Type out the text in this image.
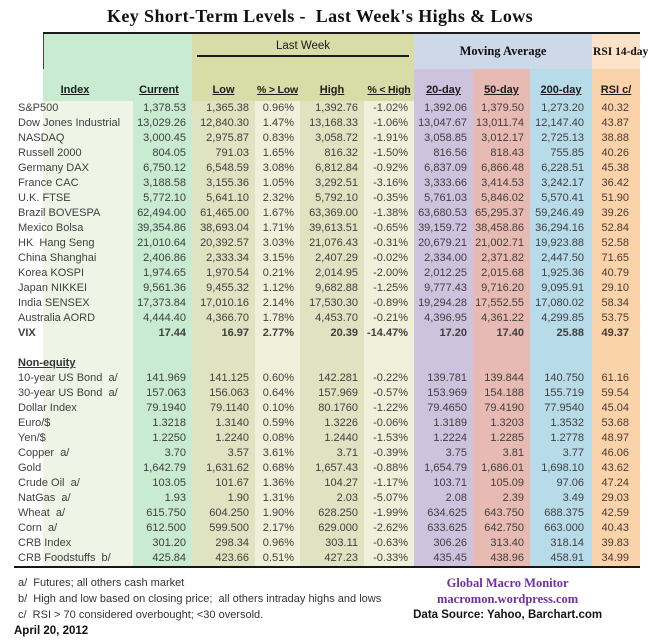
Key Short-Term Levels -  Last Week's Highs & Lows

			Last Week				Moving Average			RSI 14-day
Index		Current	Low	% > Low	High	% < High	20-day	50-day	200-day	RSI c/
S&P500		1,378.53	1,365.38	0.96%	1,392.76	-1.02%	1,392.06	1,379.50	1,273.20	40.32
Dow Jones Industrial		13,029.26	12,840.30	1.47%	13,168.33	-1.06%	13,047.67	13,011.74	12,147.40	43.87
NASDAQ		3,000.45	2,975.87	0.83%	3,058.72	-1.91%	3,058.85	3,012.17	2,725.13	38.88
Russell 2000		804.05	791.03	1.65%	816.32	-1.50%	816.56	818.43	755.85	40.26
Germany DAX		6,750.12	6,548.59	3.08%	6,812.84	-0.92%	6,837.09	6,866.48	6,228.51	45.38
France CAC		3,188.58	3,155.36	1.05%	3,292.51	-3.16%	3,333.66	3,414.53	3,242.17	36.42
U.K. FTSE		5,772.10	5,641.10	2.32%	5,792.10	-0.35%	5,761.03	5,846.02	5,570.41	51.90
Brazil BOVESPA		62,494.00	61,465.00	1.67%	63,369.00	-1.38%	63,680.53	65,295.37	59,246.49	39.26
Mexico Bolsa		39,354.86	38,693.04	1.71%	39,613.51	-0.65%	39,159.72	38,458.86	36,294.16	52.84
HK  Hang Seng		21,010.64	20,392.57	3.03%	21,076.43	-0.31%	20,679.21	21,002.71	19,923.88	52.58
China Shanghai		2,406.86	2,333.34	3.15%	2,407.29	-0.02%	2,334.00	2,371.82	2,447.50	71.65
Korea KOSPI		1,974.65	1,970.54	0.21%	2,014.95	-2.00%	2,012.25	2,015.68	1,925.36	40.79
Japan NIKKEI		9,561.36	9,455.32	1.12%	9,682.88	-1.25%	9,777.43	9,716.20	9,095.91	29.10
India SENSEX		17,373.84	17,010.16	2.14%	17,530.30	-0.89%	19,294.28	17,552.55	17,080.02	58.34
Australia AORD		4,444.40	4,366.70	1.78%	4,453.70	-0.21%	4,396.95	4,361.22	4,299.85	53.75
VIX		17.44	16.97	2.77%	20.39	-14.47%	17.20	17.40	25.88	49.37

Non-equity										
10-year US Bond  a/		141.969	141.125	0.60%	142.281	-0.22%	139.781	139.844	140.750	61.16
30-year US Bond  a/		157.063	156.063	0.64%	157.969	-0.57%	153.969	154.188	155.719	59.54
Dollar Index		79.1940	79.1140	0.10%	80.1760	-1.22%	79.4650	79.4190	77.9540	45.04
Euro/$		1.3218	1.3140	0.59%	1.3226	-0.06%	1.3189	1.3203	1.3532	53.68
Yen/$		1.2250	1.2240	0.08%	1.2440	-1.53%	1.2224	1.2285	1.2778	48.97
Copper  a/		3.70	3.57	3.61%	3.71	-0.39%	3.75	3.81	3.77	46.06
Gold		1,642.79	1,631.62	0.68%	1,657.43	-0.88%	1,654.79	1,686.01	1,698.10	43.62
Crude Oil  a/		103.05	101.67	1.36%	104.27	-1.17%	103.71	105.09	97.06	47.24
NatGas  a/		1.93	1.90	1.31%	2.03	-5.07%	2.08	2.39	3.49	29.03
Wheat  a/		615.750	604.250	1.90%	628.250	-1.99%	634.625	643.750	688.375	42.59
Corn  a/		612.500	599.500	2.17%	629.000	-2.62%	633.625	642.750	663.000	40.43
CRB Index		301.20	298.34	0.96%	303.11	-0.63%	306.26	313.40	318.14	39.83
CRB Foodstuffs  b/		425.84	423.66	0.51%	427.23	-0.33%	435.45	438.96	458.91	34.99
a/  Futures; all others cash market
b/  High and low based on closing price;  all others intraday highs and lows
c/  RSI > 70 considered overbought; <30 oversold.
April 20, 2012
Global Macro Monitor
macromon.wordpress.com
Data Source: Yahoo, Barchart.com
